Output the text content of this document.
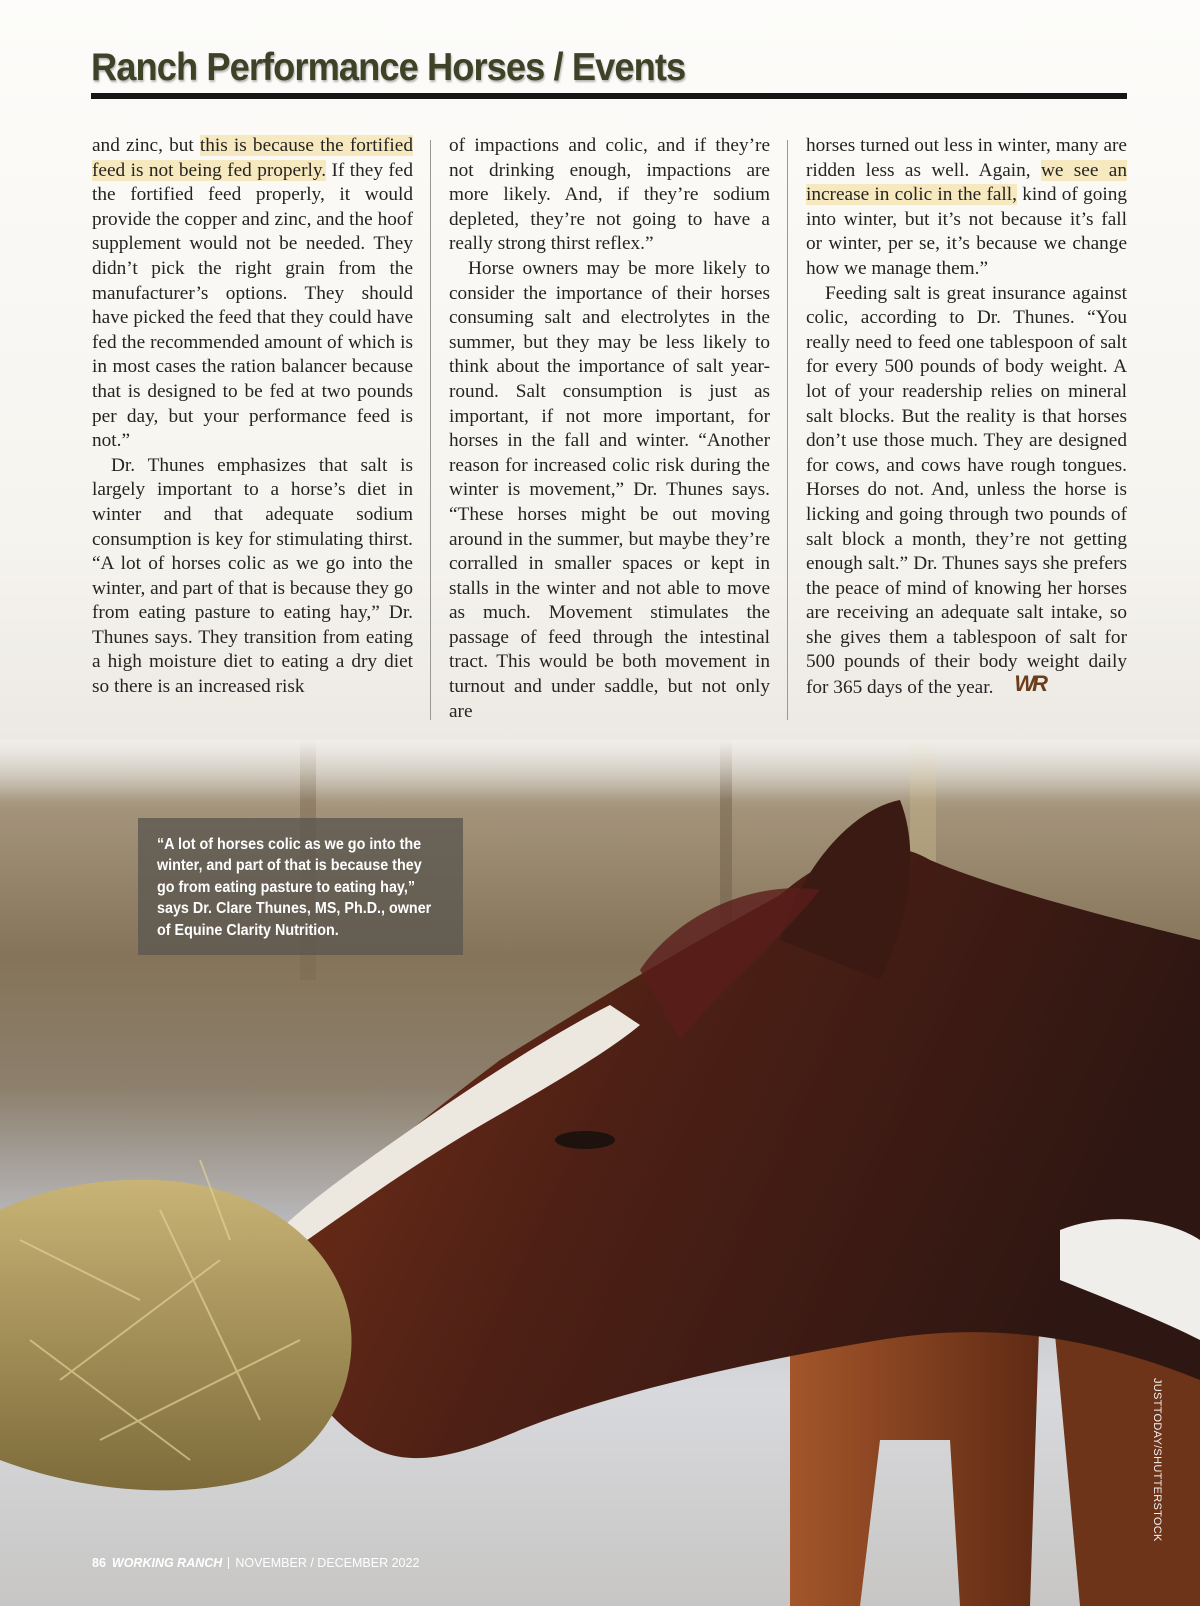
Ranch Performance Horses / Events

and zinc, but this is because the fortified feed is not being fed properly. If they fed the fortified feed properly, it would provide the copper and zinc, and the hoof supplement would not be needed. They didn’t pick the right grain from the manufacturer’s options. They should have picked the feed that they could have fed the recommended amount of which is in most cases the ration balancer because that is designed to be fed at two pounds per day, but your performance feed is not.”

Dr. Thunes emphasizes that salt is largely important to a horse’s diet in winter and that adequate sodium consumption is key for stimulating thirst. “A lot of horses colic as we go into the winter, and part of that is because they go from eating pasture to eating hay,” Dr. Thunes says. They transition from eating a high moisture diet to eating a dry diet so there is an increased risk

of impactions and colic, and if they’re not drinking enough, impactions are more likely. And, if they’re sodium depleted, they’re not going to have a really strong thirst reflex.”

Horse owners may be more likely to consider the importance of their horses consuming salt and electrolytes in the summer, but they may be less likely to think about the importance of salt year-round. Salt consumption is just as important, if not more important, for horses in the fall and winter. “Another reason for increased colic risk during the winter is movement,” Dr. Thunes says. “These horses might be out moving around in the summer, but maybe they’re corralled in smaller spaces or kept in stalls in the winter and not able to move as much. Movement stimulates the passage of feed through the intestinal tract. This would be both movement in turnout and under saddle, but not only are

horses turned out less in winter, many are ridden less as well. Again, we see an increase in colic in the fall, kind of going into winter, but it’s not because it’s fall or winter, per se, it’s because we change how we manage them.”

Feeding salt is great insurance against colic, according to Dr. Thunes. “You really need to feed one tablespoon of salt for every 500 pounds of body weight. A lot of your readership relies on mineral salt blocks. But the reality is that horses don’t use those much. They are designed for cows, and cows have rough tongues. Horses do not. And, unless the horse is licking and going through two pounds of salt block a month, they’re not getting enough salt.” Dr. Thunes says she prefers the peace of mind of knowing her horses are receiving an adequate salt intake, so she gives them a tablespoon of salt for 500 pounds of their body weight daily for 365 days of the year. WR

“A lot of horses colic as we go into the winter, and part of that is because they go from eating pasture to eating hay,” says Dr. Clare Thunes, MS, Ph.D., owner of Equine Clarity Nutrition.

JUSTTODAY/SHUTTERSTOCK

86 WORKING RANCH NOVEMBER / DECEMBER 2022
